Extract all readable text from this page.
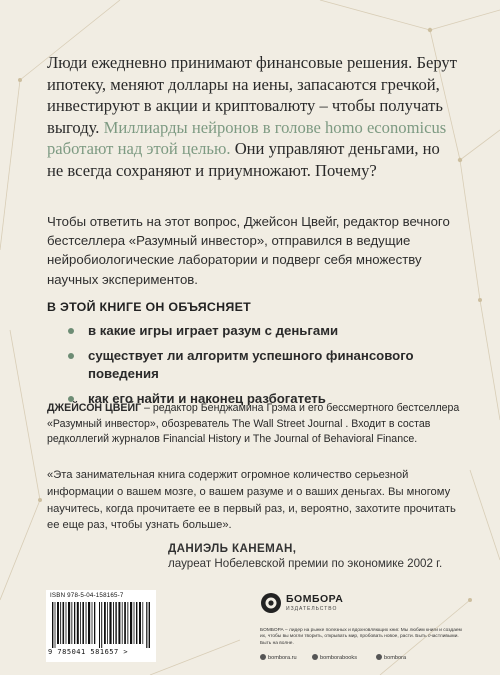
Люди ежедневно принимают финансовые решения. Берут ипотеку, меняют доллары на иены, запасаются гречкой, инвестируют в акции и криптовалюту – чтобы получать выгоду. Миллиарды нейронов в голове homo economicus работают над этой целью. Они управляют деньгами, но не всегда сохраняют и приумножают. Почему?

Чтобы ответить на этот вопрос, Джейсон Цвейг, редактор вечного бестселлера «Разумный инвестор», отправился в ведущие нейробиологические лаборатории и подверг себя множеству научных экспериментов.

В ЭТОЙ КНИГЕ ОН ОБЪЯСНЯЕТ
в какие игры играет разум с деньгами
существует ли алгоритм успешного финансового поведения
как его найти и наконец разбогатеть

ДЖЕЙСОН ЦВЕЙГ – редактор Бенджамина Грэма и его бессмертного бестселлера «Разумный инвестор», обозреватель The Wall Street Journal . Входит в состав редколлегий журналов Financial History и The Journal of Behavioral Finance.

«Эта занимательная книга содержит огромное количество серьезной информации о вашем мозге, о вашем разуме и о ваших деньгах. Вы многому научитесь, когда прочитаете ее в первый раз, и, вероятно, захотите прочитать ее еще раз, чтобы узнать больше».

ДАНИЭЛЬ КАНЕМАН,
лауреат Нобелевской премии по экономике 2002 г.
ISBN 978-5-04-158165-7
9 785041 581657 >
БОМБОРА
ИЗДАТЕЛЬСТВО

БОМБОРА – лидер на рынке полезных и вдохновляющих книг. Мы любим книги и создаем их, чтобы вы могли творить, открывать мир, пробовать новое, расти. Быть счастливыми. Быть на волне.

bombora.ru	bomborabooks	bombora
